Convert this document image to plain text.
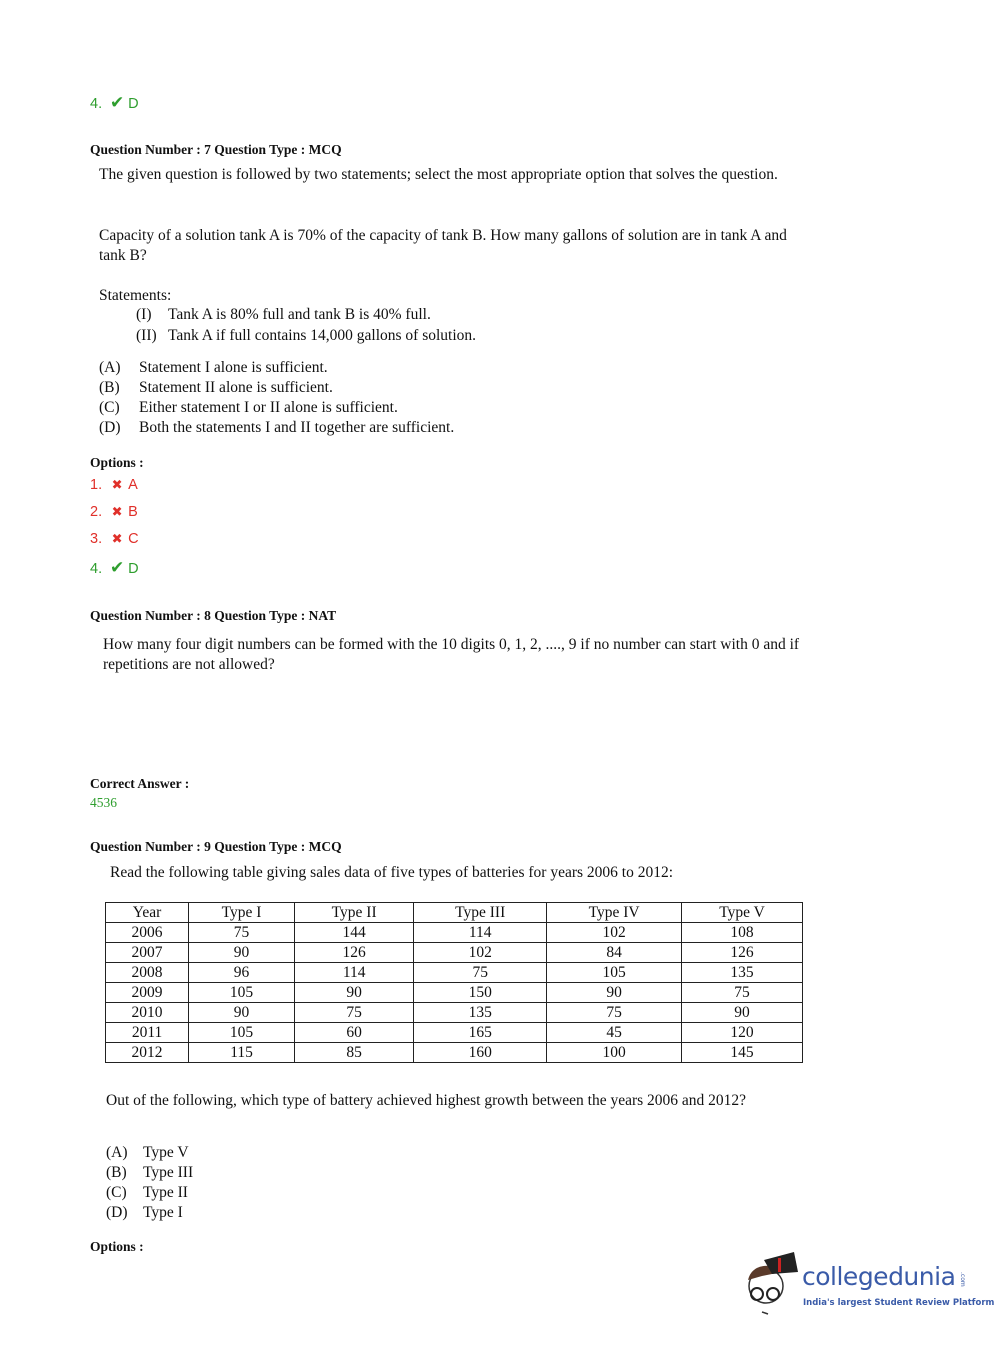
4. ✔ D
Question Number : 7 Question Type : MCQ
The given question is followed by two statements; select the most appropriate option that solves the question.
Capacity of a solution tank A is 70% of the capacity of tank B. How many gallons of solution are in tank A and tank B?
Statements:
(I) Tank A is 80% full and tank B is 40% full.
(II) Tank A if full contains 14,000 gallons of solution.
(A) Statement I alone is sufficient.
(B) Statement II alone is sufficient.
(C) Either statement I or II alone is sufficient.
(D) Both the statements I and II together are sufficient.
Options :
1. ✖ A
2. ✖ B
3. ✖ C
4. ✔ D
Question Number : 8 Question Type : NAT
How many four digit numbers can be formed with the 10 digits 0, 1, 2, ...., 9 if no number can start with 0 and if repetitions are not allowed?
Correct Answer :
4536
Question Number : 9 Question Type : MCQ
Read the following table giving sales data of five types of batteries for years 2006 to 2012:
Year	Type I	Type II	Type III	Type IV	Type V
2006	75	144	114	102	108
2007	90	126	102	84	126
2008	96	114	75	105	135
2009	105	90	150	90	75
2010	90	75	135	75	90
2011	105	60	165	45	120
2012	115	85	160	100	145
Out of the following, which type of battery achieved highest growth between the years 2006 and 2012?
(A) Type V
(B) Type III
(C) Type II
(D) Type I
Options :
collegedunia .com
India's largest Student Review Platform
